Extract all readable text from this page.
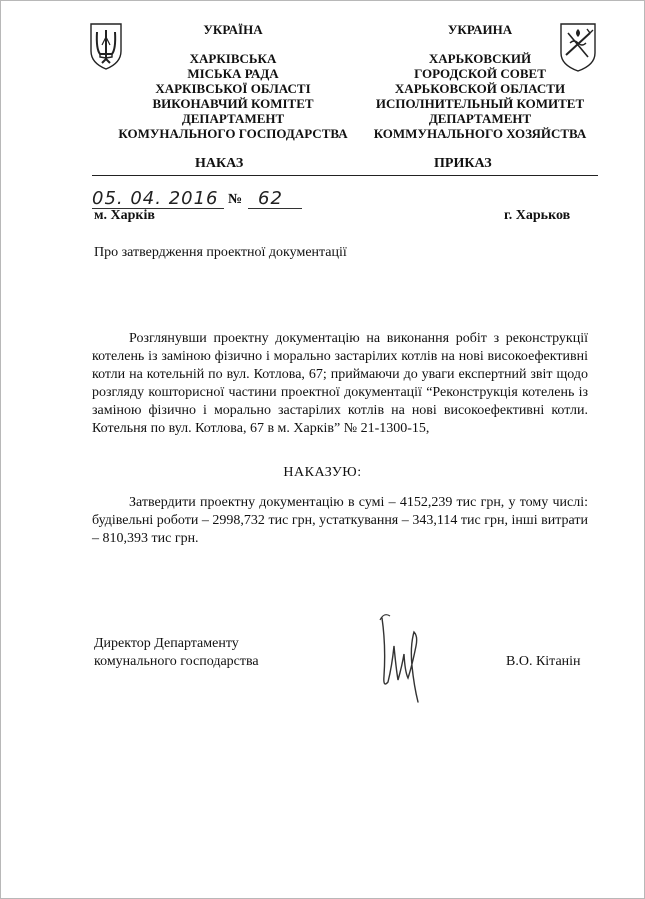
УКРАЇНА
ХАРКІВСЬКА
МІСЬКА РАДА
ХАРКІВСЬКОЇ ОБЛАСТІ
ВИКОНАВЧИЙ КОМІТЕТ
ДЕПАРТАМЕНТ
КОМУНАЛЬНОГО ГОСПОДАРСТВА
УКРАИНА
ХАРЬКОВСКИЙ
ГОРОДСКОЙ СОВЕТ
ХАРЬКОВСКОЙ ОБЛАСТИ
ИСПОЛНИТЕЛЬНЫЙ КОМИТЕТ
ДЕПАРТАМЕНТ
КОММУНАЛЬНОГО ХОЗЯЙСТВА
НАКАЗ	ПРИКАЗ
05. 04. 2016 № 62
м. Харків	г. Харьков
Про затвердження проектної документації

Розглянувши проектну документацію на виконання робіт з реконструкції котелень із заміною фізично і морально застарілих котлів на нові високоефективні котли на котельній по вул. Котлова, 67; приймаючи до уваги експертний звіт щодо розгляду кошторисної частини проектної документації “Реконструкція котелень із заміною фізично і морально застарілих котлів на нові високоефективні котли. Котельня по вул. Котлова, 67 в м. Харків” № 21-1300-15,

НАКАЗУЮ:

Затвердити проектну документацію в сумі – 4152,239 тис грн, у тому числі: будівельні роботи – 2998,732 тис грн, устаткування – 343,114 тис грн, інші витрати – 810,393 тис грн.

Директор Департаменту
комунального господарства	В.О. Кітанін
